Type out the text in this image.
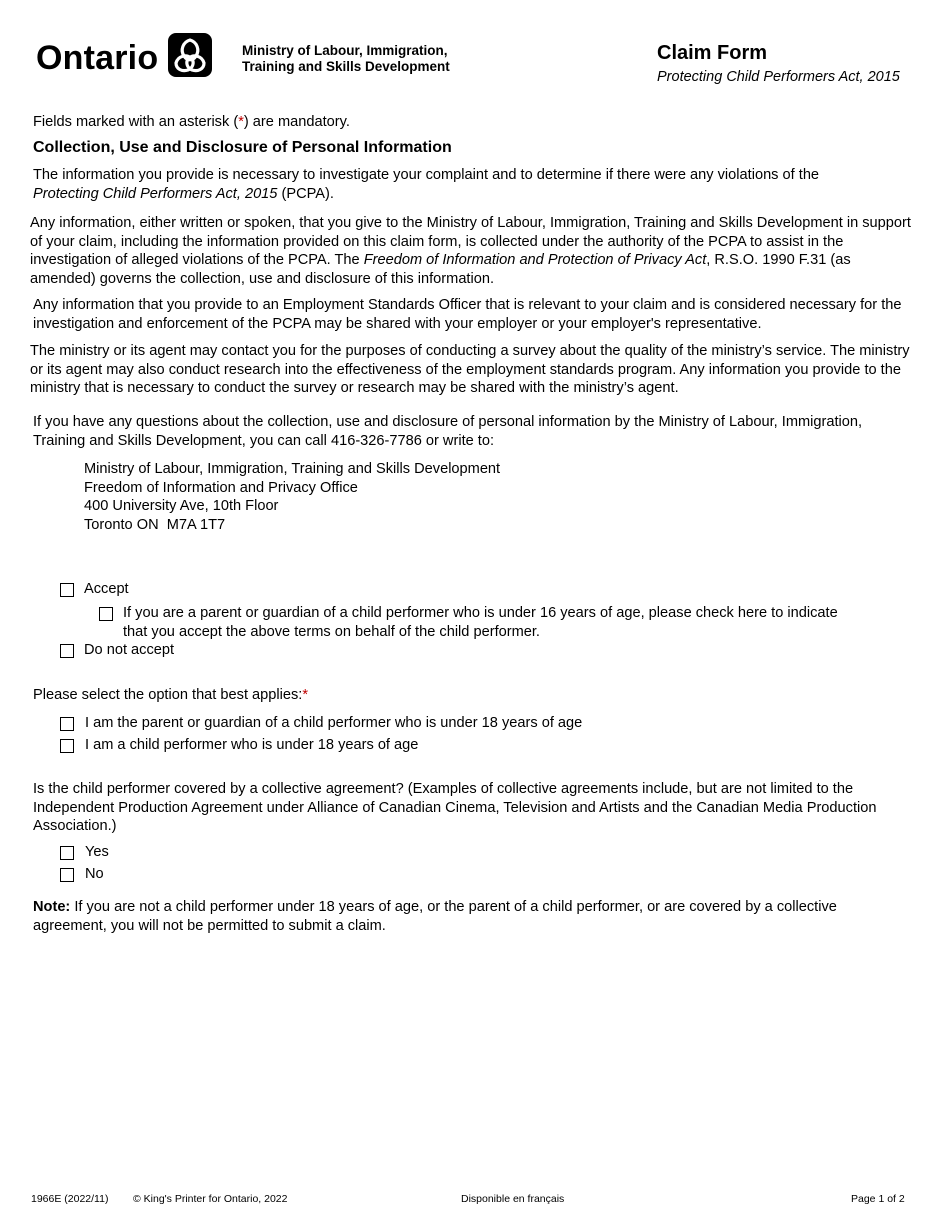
Ontario	Ministry of Labour, Immigration,
Training and Skills Development
Claim Form
Protecting Child Performers Act, 2015
Fields marked with an asterisk (*) are mandatory.
Collection, Use and Disclosure of Personal Information
The information you provide is necessary to investigate your complaint and to determine if there were any violations of the
Protecting Child Performers Act, 2015 (PCPA).
Any information, either written or spoken, that you give to the Ministry of Labour, Immigration, Training and Skills Development in support of your claim, including the information provided on this claim form, is collected under the authority of the PCPA to assist in the investigation of alleged violations of the PCPA. The Freedom of Information and Protection of Privacy Act, R.S.O. 1990 F.31 (as amended) governs the collection, use and disclosure of this information.
Any information that you provide to an Employment Standards Officer that is relevant to your claim and is considered necessary for the investigation and enforcement of the PCPA may be shared with your employer or your employer's representative.
The ministry or its agent may contact you for the purposes of conducting a survey about the quality of the ministry’s service. The ministry or its agent may also conduct research into the effectiveness of the employment standards program. Any information you provide to the ministry that is necessary to conduct the survey or research may be shared with the ministry’s agent.
If you have any questions about the collection, use and disclosure of personal information by the Ministry of Labour, Immigration, Training and Skills Development, you can call 416-326-7786 or write to:
Ministry of Labour, Immigration, Training and Skills Development
Freedom of Information and Privacy Office
400 University Ave, 10th Floor
Toronto ON  M7A 1T7
Accept
If you are a parent or guardian of a child performer who is under 16 years of age, please check here to indicate
that you accept the above terms on behalf of the child performer.
Do not accept
Please select the option that best applies:*
I am the parent or guardian of a child performer who is under 18 years of age
I am a child performer who is under 18 years of age
Is the child performer covered by a collective agreement? (Examples of collective agreements include, but are not limited to the Independent Production Agreement under Alliance of Canadian Cinema, Television and Artists and the Canadian Media Production Association.)
Yes
No
Note: If you are not a child performer under 18 years of age, or the parent of a child performer, or are covered by a collective agreement, you will not be permitted to submit a claim.
1966E (2022/11) © King's Printer for Ontario, 2022	Disponible en français	Page 1 of 2
